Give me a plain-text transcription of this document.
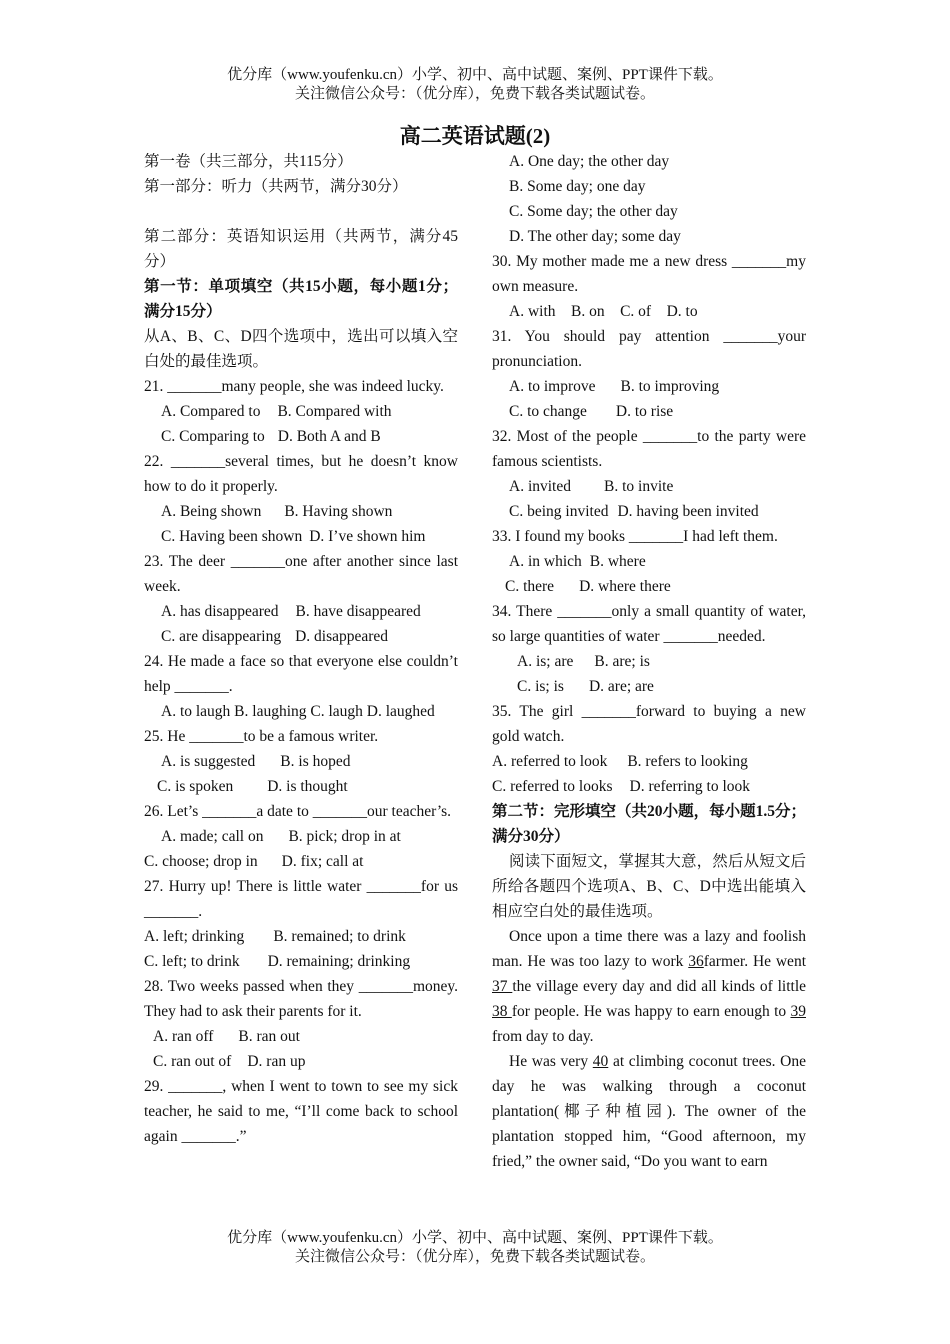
优分库（www.youfenku.cn）小学、初中、高中试题、案例、PPT课件下载。
关注微信公众号：（优分库），免费下载各类试题试卷。
高二英语试题(2)

第一卷（共三部分，共115分）

第一部分：听力（共两节，满分30分）

第二部分：英语知识运用（共两节，满分45分）

第一节：单项填空（共15小题，每小题1分；满分15分）

从A、B、C、D四个选项中，选出可以填入空白处的最佳选项。

21. _______many people, she was indeed lucky.

A. Compared to B. Compared with

C. Comparing to D. Both A and B

22. _______several times, but he doesn’t know how to do it properly.

A. Being shown B. Having shown

C. Having been shown D. I’ve shown him

23. The deer _______one after another since last week.

A. has disappeared B. have disappeared

C. are disappearing D. disappeared

24. He made a face so that everyone else couldn’t help _______.

A. to laugh B. laughing C. laugh D. laughed

25. He _______to be a famous writer.

A. is suggested B. is hoped

C. is spoken D. is thought

26. Let’s _______a date to _______our teacher’s.

A. made; call on B. pick; drop in at

C. choose; drop in D. fix; call at

27. Hurry up! There is little water _______for us _______.

A. left; drinking B. remained; to drink

C. left; to drink D. remaining; drinking

28. Two weeks passed when they _______money. They had to ask their parents for it.

A. ran off B. ran out

C. ran out of D. ran up

29. _______, when I went to town to see my sick teacher, he said to me, “I’ll come back to school again _______.”

A. One day; the other day

B. Some day; one day

C. Some day; the other day

D. The other day; some day

30. My mother made me a new dress _______my own measure.

A. with    B. on    C. of    D. to

31. You should pay attention _______your pronunciation.

A. to improve B. to improving

C. to change D. to rise

32. Most of the people _______to the party were famous scientists.

A. invited B. to invite

C. being invited D. having been invited

33. I found my books _______I had left them.

A. in which B. where

C. there D. where there

34. There _______only a small quantity of water, so large quantities of water _______needed.

A. is; are B. are; is

C. is; is D. are; are

35. The girl _______forward to buying a new gold watch.

A. referred to look B. refers to looking

C. referred to looks D. referring to look

第二节：完形填空（共20小题，每小题1.5分；满分30分）

阅读下面短文，掌握其大意，然后从短文后所给各题四个选项A、B、C、D中选出能填入相应空白处的最佳选项。

Once upon a time there was a lazy and foolish man. He was too lazy to work 36farmer. He went 37 the village every day and did all kinds of little 38 for people. He was happy to earn enough to 39 from day to day.

He was very 40 at climbing coconut trees. One day he was walking through a coconut plantation(椰子种植园). The owner of the plantation stopped him, “Good afternoon, my fried,” the owner said, “Do you want to earn

优分库（www.youfenku.cn）小学、初中、高中试题、案例、PPT课件下载。
关注微信公众号：（优分库），免费下载各类试题试卷。
